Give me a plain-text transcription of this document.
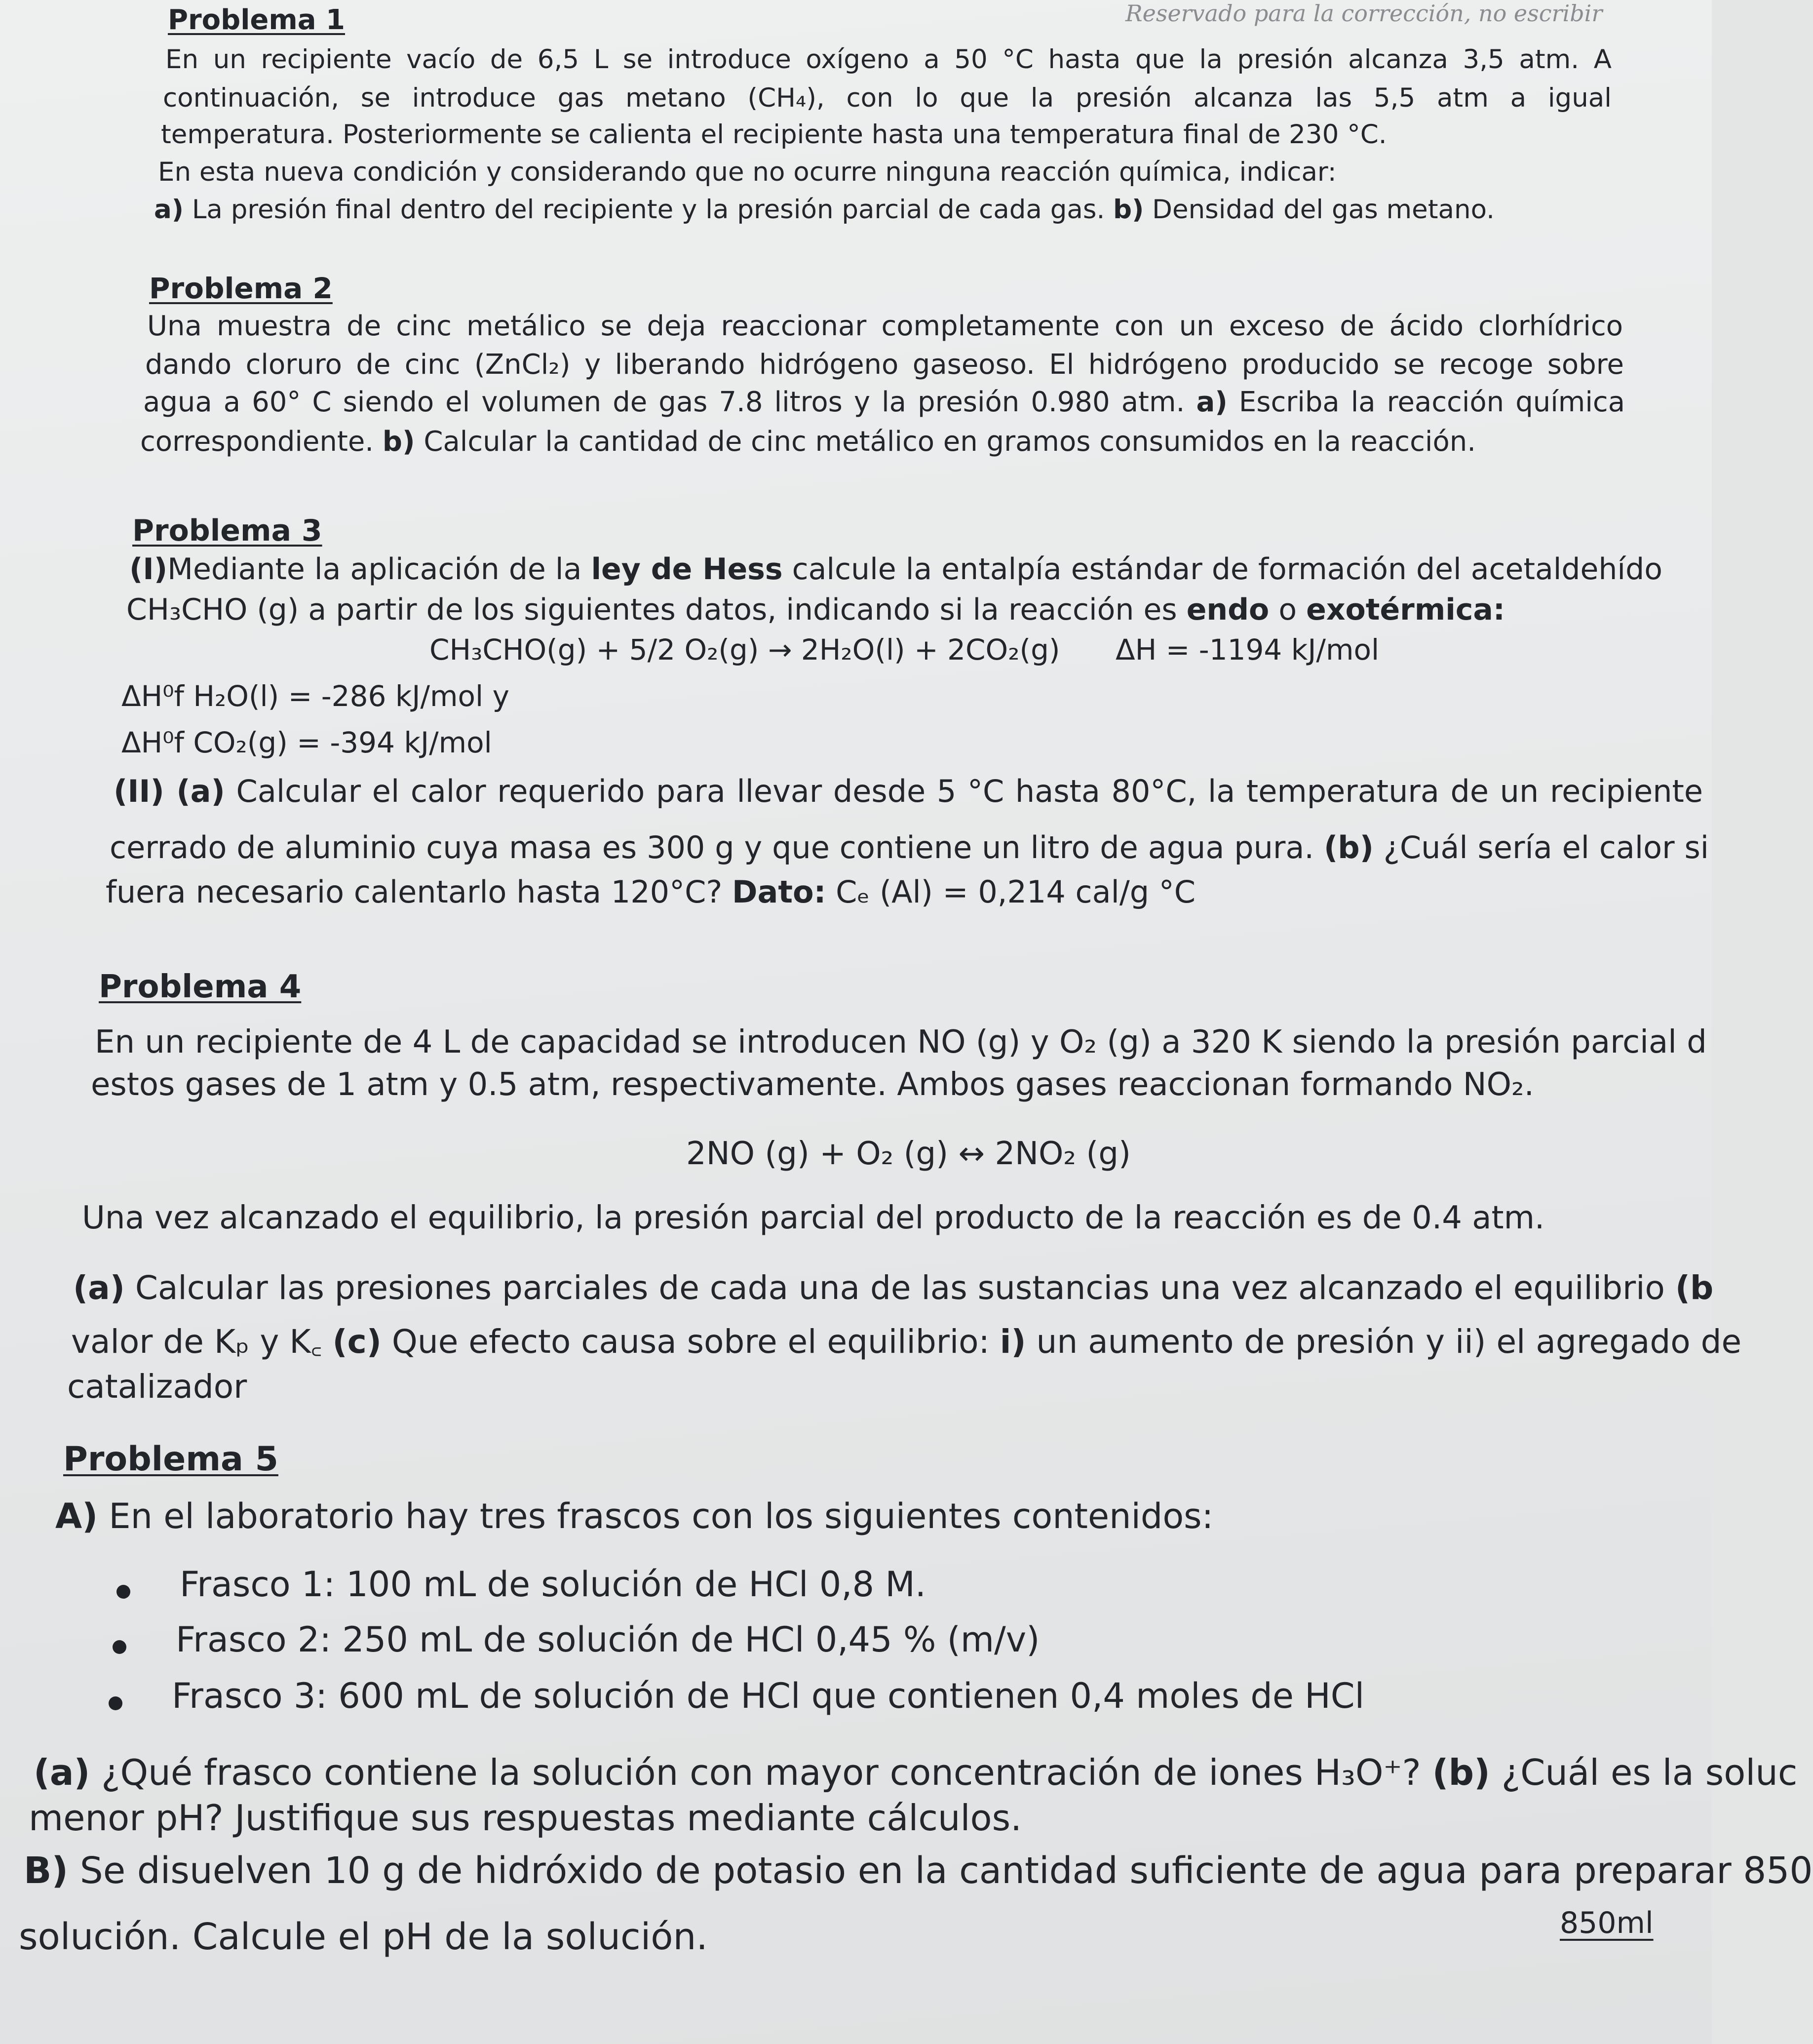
Reservado para la corrección, no escribir
Problema 1
En un recipiente vacío de 6,5 L se introduce oxígeno a 50 °C hasta que la presión alcanza 3,5 atm. A
continuación, se introduce gas metano (CH₄), con lo que la presión alcanza las 5,5 atm a igual
temperatura. Posteriormente se calienta el recipiente hasta una temperatura final de 230 °C.
En esta nueva condición y considerando que no ocurre ninguna reacción química, indicar:
a) La presión final dentro del recipiente y la presión parcial de cada gas. b) Densidad del gas metano.
Problema 2
Una muestra de cinc metálico se deja reaccionar completamente con un exceso de ácido clorhídrico
dando cloruro de cinc (ZnCl₂) y liberando hidrógeno gaseoso. El hidrógeno producido se recoge sobre
agua a 60° C siendo el volumen de gas 7.8 litros y la presión 0.980 atm. a) Escriba la reacción química
correspondiente. b) Calcular la cantidad de cinc metálico en gramos consumidos en la reacción.
Problema 3
(I)Mediante la aplicación de la ley de Hess calcule la entalpía estándar de formación del acetaldehído
CH₃CHO (g) a partir de los siguientes datos, indicando si la reacción es endo o exotérmica:
CH₃CHO(g) + 5/2 O₂(g) → 2H₂O(l) + 2CO₂(g) ΔH = -1194 kJ/mol
ΔH⁰f H₂O(l) = -286 kJ/mol y
ΔH⁰f CO₂(g) = -394 kJ/mol
(II) (a) Calcular el calor requerido para llevar desde 5 °C hasta 80°C, la temperatura de un recipiente
cerrado de aluminio cuya masa es 300 g y que contiene un litro de agua pura. (b) ¿Cuál sería el calor si
fuera necesario calentarlo hasta 120°C? Dato: Cₑ (Al) = 0,214 cal/g °C
Problema 4
En un recipiente de 4 L de capacidad se introducen NO (g) y O₂ (g) a 320 K siendo la presión parcial d
estos gases de 1 atm y 0.5 atm, respectivamente. Ambos gases reaccionan formando NO₂.
2NO (g) + O₂ (g) ↔ 2NO₂ (g)
Una vez alcanzado el equilibrio, la presión parcial del producto de la reacción es de 0.4 atm.
(a) Calcular las presiones parciales de cada una de las sustancias una vez alcanzado el equilibrio (b
valor de Kₚ y K꜀ (c) Que efecto causa sobre el equilibrio: i) un aumento de presión y ii) el agregado de
catalizador
Problema 5
A) En el laboratorio hay tres frascos con los siguientes contenidos:
Frasco 1: 100 mL de solución de HCl 0,8 M.
Frasco 2: 250 mL de solución de HCl 0,45 % (m/v)
Frasco 3: 600 mL de solución de HCl que contienen 0,4 moles de HCl
(a) ¿Qué frasco contiene la solución con mayor concentración de iones H₃O⁺? (b) ¿Cuál es la soluc
menor pH? Justifique sus respuestas mediante cálculos.
B) Se disuelven 10 g de hidróxido de potasio en la cantidad suficiente de agua para preparar 850
solución. Calcule el pH de la solución.	850ml
